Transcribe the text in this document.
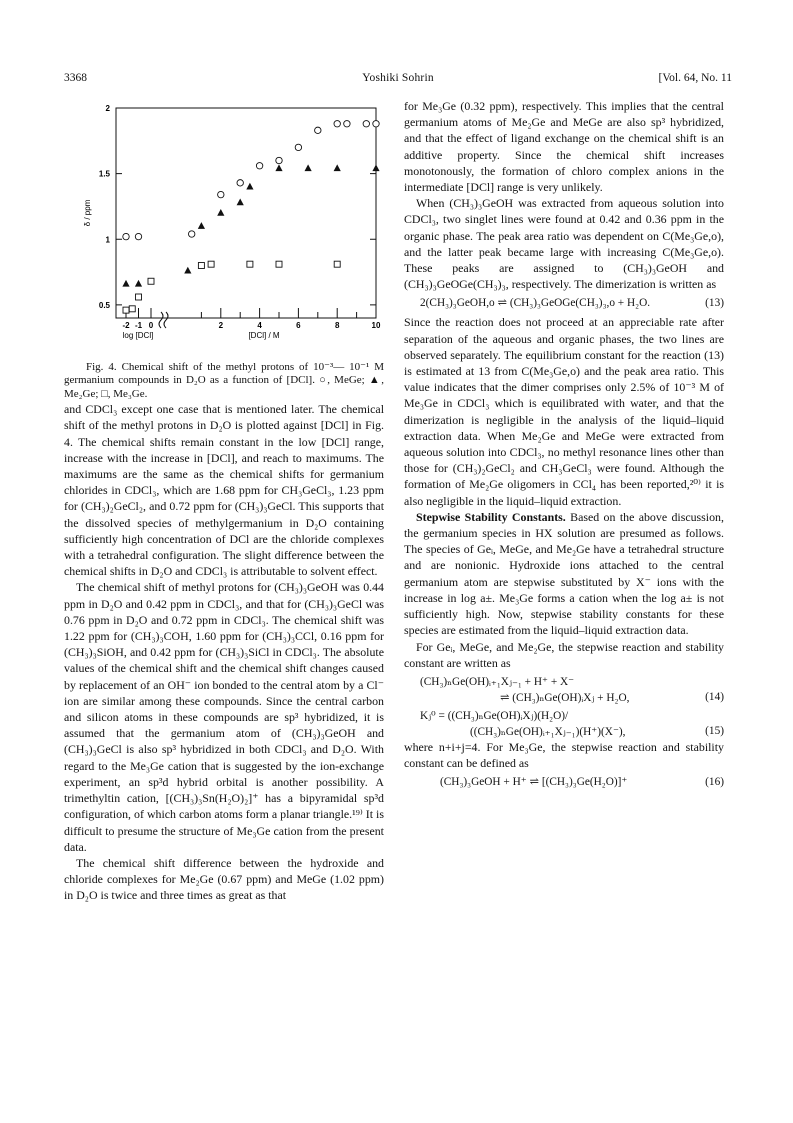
3368	Yoshiki Sohrin	[Vol. 64, No. 11
2
1.5
1
0.5
-2 -1 0	2	4	6	8	10
log [DCl]	[DCl] / M
δ / ppm

Fig. 4. Chemical shift of the methyl protons of 10⁻³— 10⁻¹ M germanium compounds in D₂O as a function of [DCl]. ○, MeGe; ▲, Me₂Ge; □, Me₃Ge.

and CDCl₃ except one case that is mentioned later. The chemical shift of the methyl protons in D₂O is plotted against [DCl] in Fig. 4. The chemical shifts remain constant in the low [DCl] range, increase with the increase in [DCl], and reach to maximums. The maximums are the same as the chemical shifts for germanium chlorides in CDCl₃, which are 1.68 ppm for CH₃GeCl₃, 1.23 ppm for (CH₃)₂GeCl₂, and 0.72 ppm for (CH₃)₃GeCl. This supports that the dissolved species of methylgermanium in D₂O containing sufficiently high concentration of DCl are the chloride complexes with a tetrahedral configuration. The slight difference between the chemical shifts in D₂O and CDCl₃ is attributable to solvent effect.

The chemical shift of methyl protons for (CH₃)₃GeOH was 0.44 ppm in D₂O and 0.42 ppm in CDCl₃, and that for (CH₃)₃GeCl was 0.76 ppm in D₂O and 0.72 ppm in CDCl₃. The chemical shift was 1.22 ppm for (CH₃)₃COH, 1.60 ppm for (CH₃)₃CCl, 0.16 ppm for (CH₃)₃SiOH, and 0.42 ppm for (CH₃)₃SiCl in CDCl₃. The absolute values of the chemical shift and the chemical shift changes caused by replacement of an OH⁻ ion bonded to the central atom by a Cl⁻ ion are similar among these compounds. Since the central carbon and silicon atoms in these compounds are sp³ hybridized, it is assumed that the germanium atom of (CH₃)₃GeOH and (CH₃)₃GeCl is also sp³ hybridized in both CDCl₃ and D₂O. With regard to the Me₃Ge cation that is suggested by the ion-exchange experiment, an sp³d hybrid orbital is another possibility. A trimethyltin cation, [(CH₃)₃Sn(H₂O)₂]⁺ has a bipyramidal sp³d configuration, of which carbon atoms form a planar triangle.¹⁹⁾ It is difficult to presume the structure of Me₃Ge cation from the present data.

The chemical shift difference between the hydroxide and chloride complexes for Me₂Ge (0.67 ppm) and MeGe (1.02 ppm) in D₂O is twice and three times as great as that

for Me₃Ge (0.32 ppm), respectively. This implies that the central germanium atoms of Me₂Ge and MeGe are also sp³ hybridized, and that the effect of ligand exchange on the chemical shift is an additive property. Since the chemical shift increases monotonously, the formation of chloro complex anions in the intermediate [DCl] range is very unlikely.

When (CH₃)₃GeOH was extracted from aqueous solution into CDCl₃, two singlet lines were found at 0.42 and 0.36 ppm in the organic phase. The peak area ratio was dependent on C(Me₃Ge,o), and the latter peak became large with increasing C(Me₃Ge,o). These peaks are assigned to (CH₃)₃GeOH and (CH₃)₃GeOGe(CH₃)₃, respectively. The dimerization is written as

2(CH₃)₃GeOH,o ⇌ (CH₃)₃GeOGe(CH₃)₃,o + H₂O.	(13)

Since the reaction does not proceed at an appreciable rate after separation of the aqueous and organic phases, the two lines are observed separately. The equilibrium constant for the reaction (13) is estimated at 13 from C(Me₃Ge,o) and the peak area ratio. This value indicates that the dimer comprises only 2.5% of 10⁻³ M of Me₃Ge in CDCl₃ which is equilibrated with water, and that the dimerization is negligible in the analysis of the liquid–liquid extraction data. When Me₂Ge and MeGe were extracted from aqueous solution into CDCl₃, no methyl resonance lines other than those for (CH₃)₂GeCl₂ and CH₃GeCl₃ were found. Although the formation of Me₂Ge oligomers in CCl₄ has been reported,²⁰⁾ it is also negligible in the liquid–liquid extraction.

Stepwise Stability Constants. Based on the above discussion, the germanium species in HX solution are presumed as follows. The species of Geᵢ, MeGe, and Me₂Ge have a tetrahedral structure and are nonionic. Hydroxide ions attached to the central germanium atom are stepwise substituted by X⁻ ions with the increase in log a±. Me₃Ge forms a cation when the log a± is not sufficiently high. Now, stepwise stability constants for these species are estimated from the liquid–liquid extraction data.

For Geᵢ, MeGe, and Me₂Ge, the stepwise reaction and stability constant are written as

(CH₃)ₙGe(OH)ᵢ₊₁Xⱼ₋₁ + H⁺ + X⁻
⇌ (CH₃)ₙGe(OH)ᵢXⱼ + H₂O,	(14)
Kⱼ⁰ = ((CH₃)ₙGe(OH)ᵢXⱼ)(H₂O)/
((CH₃)ₙGe(OH)ᵢ₊₁Xⱼ₋₁)(H⁺)(X⁻),	(15)

where n+i+j=4. For Me₃Ge, the stepwise reaction and stability constant can be defined as

(CH₃)₃GeOH + H⁺ ⇌ [(CH₃)₃Ge(H₂O)]⁺	(16)
